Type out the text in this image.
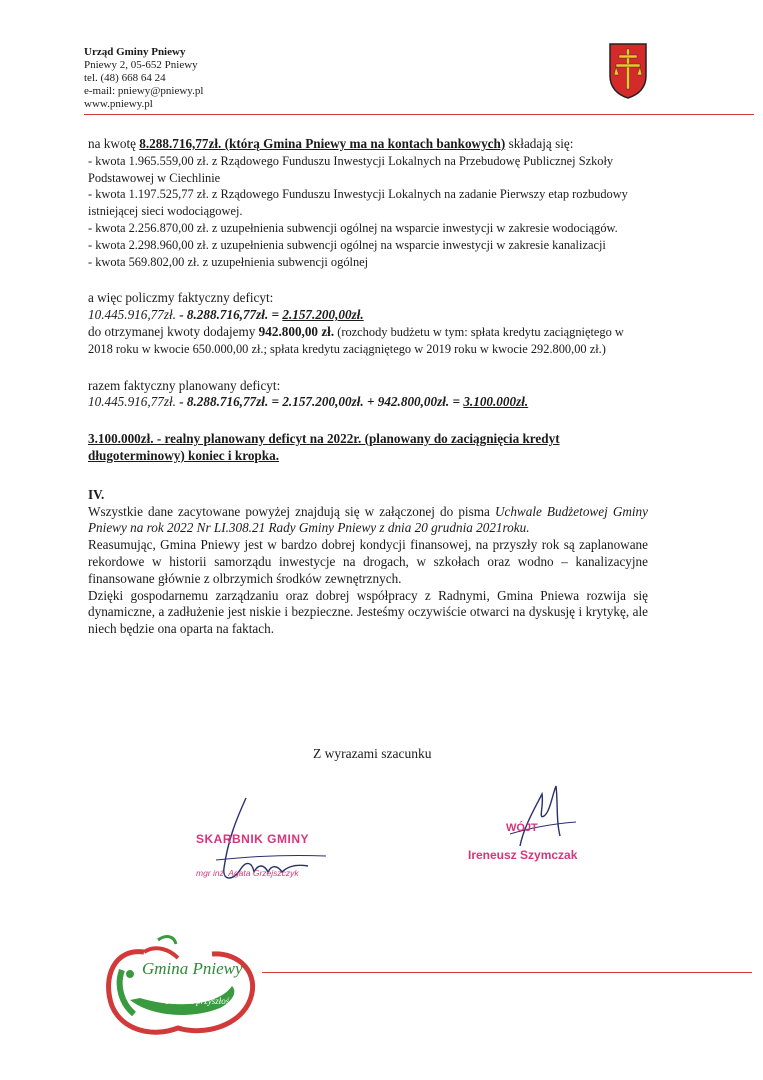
Urząd Gminy Pniewy
Pniewy 2, 05-652 Pniewy
tel. (48) 668 64 24
e-mail: pniewy@pniewy.pl
www.pniewy.pl

na kwotę 8.288.716,77zł. (którą Gmina Pniewy ma na kontach bankowych) składają się:

- kwota 1.965.559,00 zł. z Rządowego Funduszu Inwestycji Lokalnych na Przebudowę Publicznej Szkoły Podstawowej w Ciechlinie

- kwota 1.197.525,77 zł. z Rządowego Funduszu Inwestycji Lokalnych na zadanie Pierwszy etap rozbudowy istniejącej sieci wodociągowej.

- kwota 2.256.870,00 zł. z uzupełnienia subwencji ogólnej na wsparcie inwestycji w zakresie wodociągów.

- kwota 2.298.960,00 zł. z uzupełnienia subwencji ogólnej na wsparcie inwestycji w zakresie kanalizacji

- kwota 569.802,00 zł. z uzupełnienia subwencji ogólnej

a więc policzmy faktyczny deficyt:

10.445.916,77zł. - 8.288.716,77zł. = 2.157.200,00zł.

do otrzymanej kwoty dodajemy 942.800,00 zł. (rozchody budżetu w tym: spłata kredytu zaciągniętego w 2018 roku w kwocie 650.000,00 zł.; spłata kredytu zaciągniętego w 2019 roku w kwocie 292.800,00 zł.)

razem faktyczny planowany deficyt:

10.445.916,77zł. - 8.288.716,77zł. = 2.157.200,00zł. + 942.800,00zł. = 3.100.000zł.

3.100.000zł. - realny planowany deficyt na 2022r. (planowany do zaciągnięcia kredyt długoterminowy) koniec i kropka.

IV.

Wszystkie dane zacytowane powyżej znajdują się w załączonej do pisma Uchwale Budżetowej Gminy Pniewy na rok 2022 Nr LI.308.21 Rady Gminy Pniewy z dnia 20 grudnia 2021roku.

Reasumując, Gmina Pniewy jest w bardzo dobrej kondycji finansowej, na przyszły rok są zaplanowane rekordowe w historii samorządu inwestycje na drogach, w szkołach oraz wodno – kanalizacyjne finansowane głównie z olbrzymich środków zewnętrznych.

Dzięki gospodarnemu zarządzaniu oraz dobrej współpracy z Radnymi, Gmina Pniewa rozwija się dynamiczne, a zadłużenie jest niskie i bezpieczne. Jesteśmy oczywiście otwarci na dyskusję i krytykę, ale niech będzie ona oparta na faktach.

Z wyrazami szacunku
SKARBNIK GMINY
mgr inż. Agata Grzejszczyk
WÓJT
Ireneusz Szymczak
Gmina Pniewy
Owocna przyszłość
